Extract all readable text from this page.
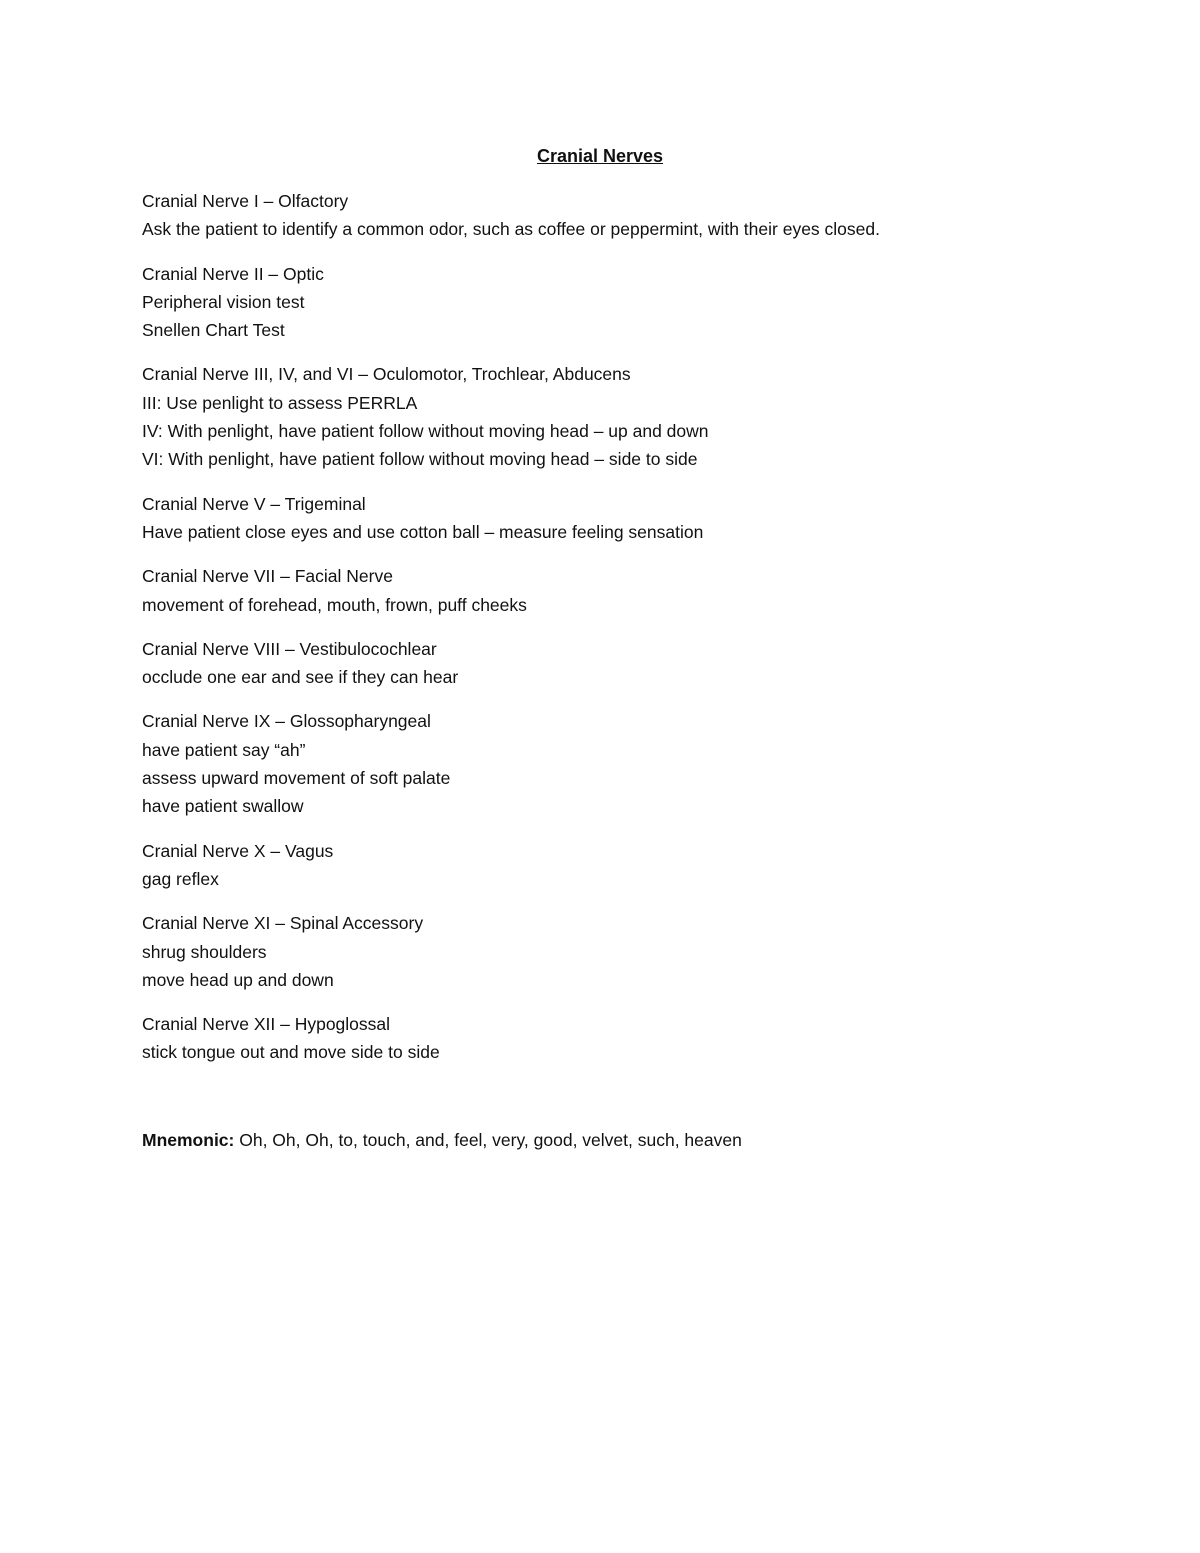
Cranial Nerves

Cranial Nerve I – Olfactory

Ask the patient to identify a common odor, such as coffee or peppermint, with their eyes closed.

Cranial Nerve II – Optic

Peripheral vision test

Snellen Chart Test

Cranial Nerve III, IV, and VI – Oculomotor, Trochlear, Abducens

III: Use penlight to assess PERRLA

IV: With penlight, have patient follow without moving head – up and down

VI: With penlight, have patient follow without moving head – side to side

Cranial Nerve V – Trigeminal

Have patient close eyes and use cotton ball – measure feeling sensation

Cranial Nerve VII – Facial Nerve

movement of forehead, mouth, frown, puff cheeks

Cranial Nerve VIII – Vestibulocochlear

occlude one ear and see if they can hear

Cranial Nerve IX – Glossopharyngeal

have patient say “ah”

assess upward movement of soft palate

have patient swallow

Cranial Nerve X – Vagus

gag reflex

Cranial Nerve XI – Spinal Accessory

shrug shoulders

move head up and down

Cranial Nerve XII – Hypoglossal

stick tongue out and move side to side

Mnemonic: Oh, Oh, Oh, to, touch, and, feel, very, good, velvet, such, heaven
